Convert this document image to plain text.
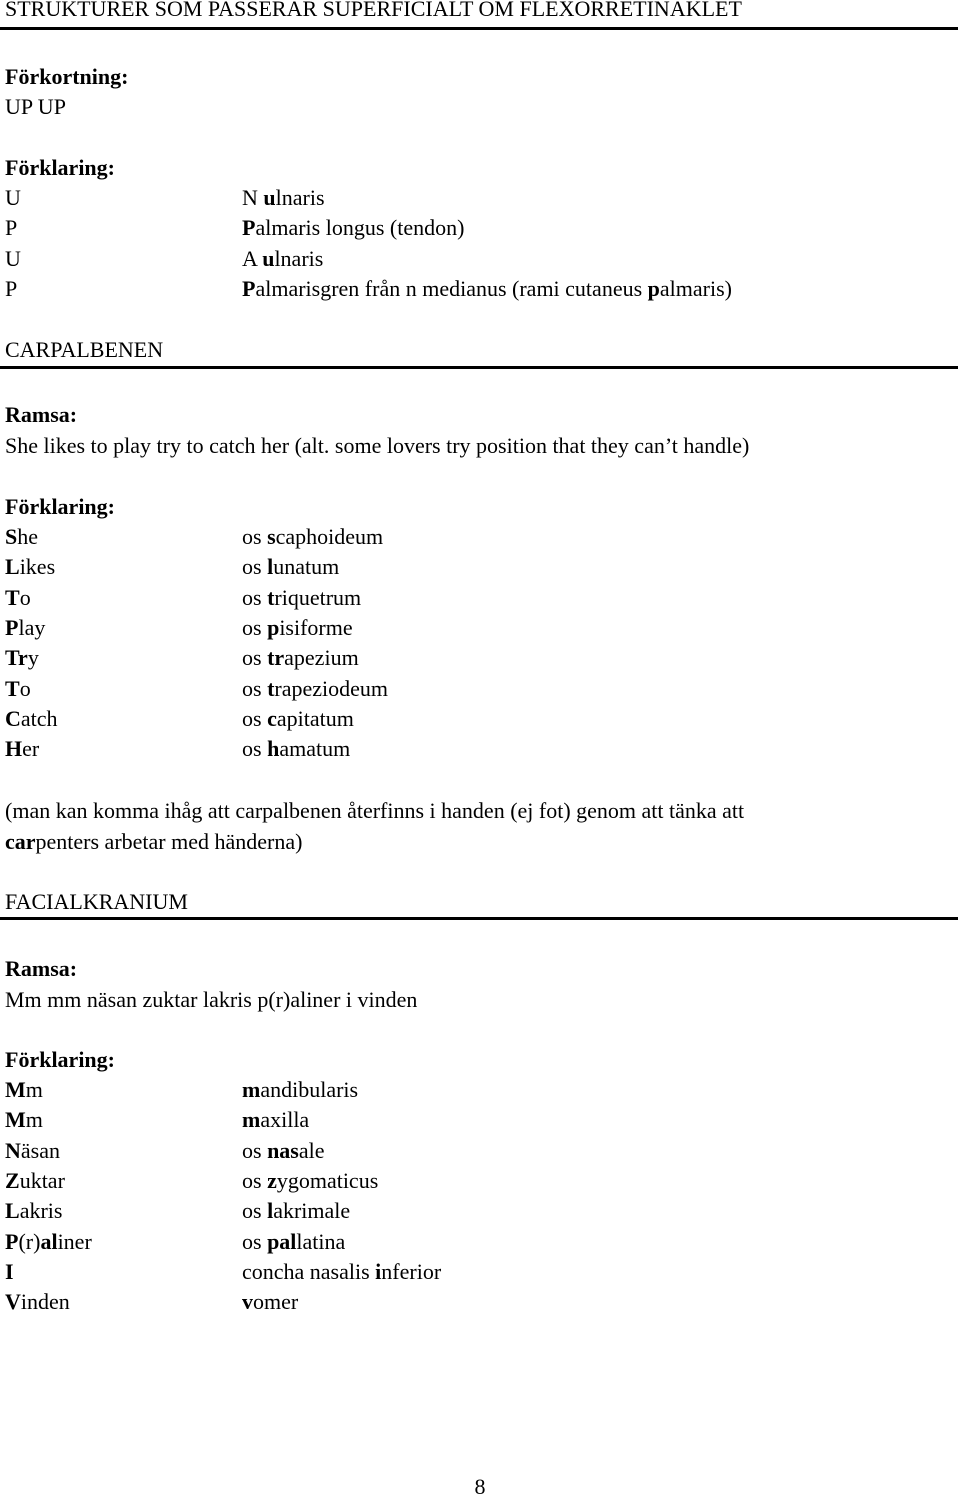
STRUKTURER SOM PASSERAR SUPERFICIALT OM FLEXORRETINAKLET
Förkortning:
UP UP
Förklaring:
U	N ulnaris
P	Palmaris longus (tendon)
U	A ulnaris
P	Palmarisgren från n medianus (rami cutaneus palmaris)
CARPALBENEN
Ramsa:
She likes to play try to catch her (alt. some lovers try position that they can’t handle)
Förklaring:
She	os scaphoideum
Likes	os lunatum
To	os triquetrum
Play	os pisiforme
Try	os trapezium
To	os trapeziodeum
Catch	os capitatum
Her	os hamatum
(man kan komma ihåg att carpalbenen återfinns i handen (ej fot) genom att tänka att
carpenters arbetar med händerna)
FACIALKRANIUM
Ramsa:
Mm mm näsan zuktar lakris p(r)aliner i vinden
Förklaring:
Mm	mandibularis
Mm	maxilla
Näsan	os nasale
Zuktar	os zygomaticus
Lakris	os lakrimale
P(r)aliner	os pallatina
I	concha nasalis inferior
Vinden	vomer
8
